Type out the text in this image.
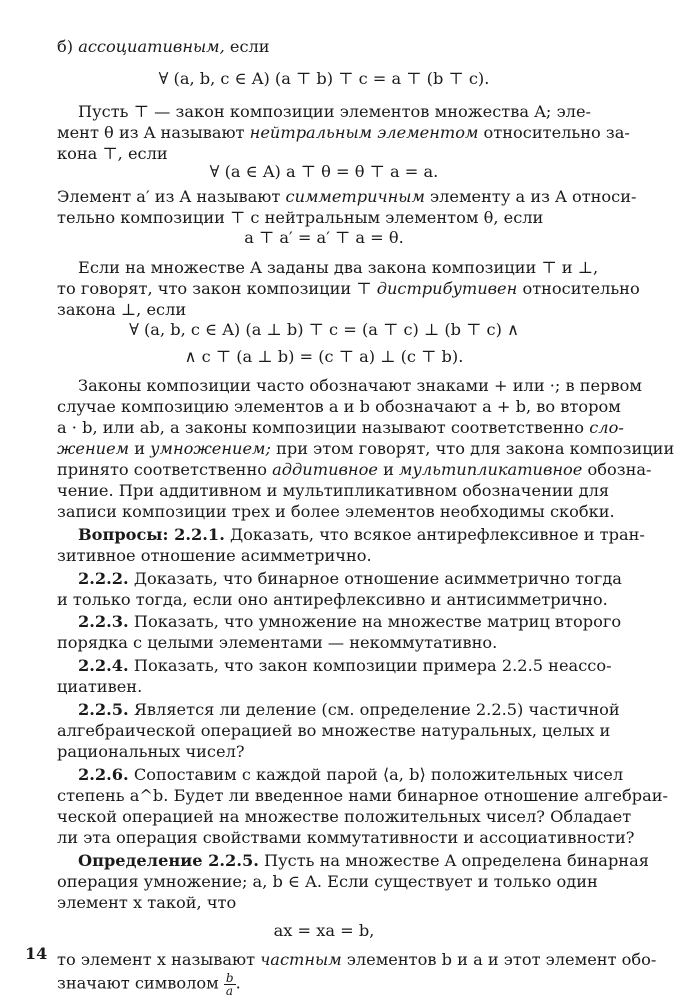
б) ассоциативным, если

∀ (a, b, c ∈ A) (a ⊤ b) ⊤ c = a ⊤ (b ⊤ c).

Пусть ⊤ — закон композиции элементов множества A; эле-

мент θ из A называют нейтральным элементом относительно за-

кона ⊤, если

∀ (a ∈ A) a ⊤ θ = θ ⊤ a = a.

Элемент a′ из A называют симметричным элементу a из A относи-

тельно композиции ⊤ с нейтральным элементом θ, если

a ⊤ a′ = a′ ⊤ a = θ.

Если на множестве A заданы два закона композиции ⊤ и ⊥,

то говорят, что закон композиции ⊤ дистрибутивен относительно

закона ⊥, если

∀ (a, b, c ∈ A) (a ⊥ b) ⊤ c = (a ⊤ c) ⊥ (b ⊤ c) ∧

∧ c ⊤ (a ⊥ b) = (c ⊤ a) ⊥ (c ⊤ b).

Законы композиции часто обозначают знаками + или ·; в первом

случае композицию элементов a и b обозначают a + b, во втором

a · b, или ab, а законы композиции называют соответственно сло-

жением и умножением; при этом говорят, что для закона композиции

принято соответственно аддитивное и мультипликативное обозна-

чение. При аддитивном и мультипликативном обозначении для

записи композиции трех и более элементов необходимы скобки.

Вопросы: 2.2.1. Доказать, что всякое антирефлексивное и тран-

зитивное отношение асимметрично.

2.2.2. Доказать, что бинарное отношение асимметрично тогда

и только тогда, если оно антирефлексивно и антисимметрично.

2.2.3. Показать, что умножение на множестве матриц второго

порядка с целыми элементами — некоммутативно.

2.2.4. Показать, что закон композиции примера 2.2.5 неассо-

циативен.

2.2.5. Является ли деление (см. определение 2.2.5) частичной

алгебраической операцией во множестве натуральных, целых и

рациональных чисел?

2.2.6. Сопоставим с каждой парой ⟨a, b⟩ положительных чисел

степень a^b. Будет ли введенное нами бинарное отношение алгебраи-

ческой операцией на множестве положительных чисел? Обладает

ли эта операция свойствами коммутативности и ассоциативности?

Определение 2.2.5. Пусть на множестве A определена бинарная

операция умножение; a, b ∈ A. Если существует и только один

элемент x такой, что

ax = xa = b,

то элемент x называют частным элементов b и a и этот элемент обо-

значают символом $\frac{b}{a}$ .

14
